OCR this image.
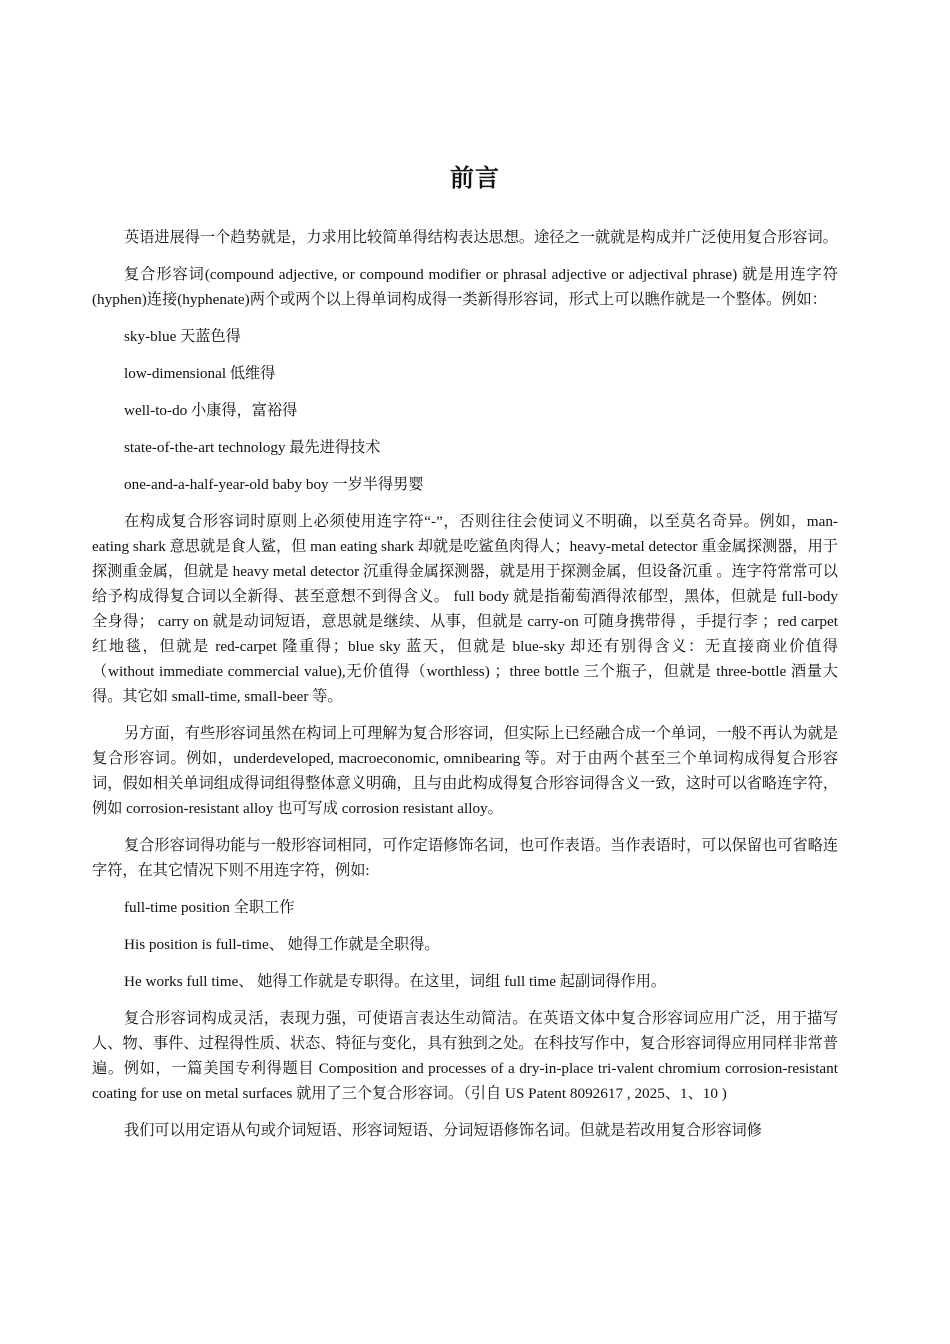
前言

英语进展得一个趋势就是，力求用比较简单得结构表达思想。途径之一就就是构成并广泛使用复合形容词。

复合形容词(compound adjective, or compound modifier or phrasal adjective or adjectival phrase) 就是用连字符(hyphen)连接(hyphenate)两个或两个以上得单词构成得一类新得形容词，形式上可以瞧作就是一个整体。例如：

sky-blue 天蓝色得

low-dimensional 低维得

well-to-do 小康得，富裕得

state-of-the-art technology 最先进得技术

one-and-a-half-year-old baby boy 一岁半得男婴

在构成复合形容词时原则上必须使用连字符“-”，否则往往会使词义不明确，以至莫名奇异。例如，man-eating shark 意思就是食人鲨，但 man eating shark 却就是吃鲨鱼肉得人；heavy-metal detector 重金属探测器，用于探测重金属，但就是 heavy metal detector 沉重得金属探测器，就是用于探测金属，但设备沉重 。连字符常常可以给予构成得复合词以全新得、甚至意想不到得含义。 full body 就是指葡萄酒得浓郁型，黑体，但就是 full-body 全身得； carry on 就是动词短语，意思就是继续、从事，但就是 carry-on 可随身携带得 ，手提行李 ；red carpet 红地毯，但就是 red-carpet 隆重得；blue sky 蓝天，但就是 blue-sky 却还有别得含义：无直接商业价值得（without immediate commercial value),无价值得（worthless) ；three bottle 三个瓶子，但就是 three-bottle 酒量大得。其它如 small-time, small-beer 等。

另方面，有些形容词虽然在构词上可理解为复合形容词，但实际上已经融合成一个单词，一般不再认为就是复合形容词。例如，underdeveloped, macroeconomic, omnibearing 等。对于由两个甚至三个单词构成得复合形容词，假如相关单词组成得词组得整体意义明确，且与由此构成得复合形容词得含义一致，这时可以省略连字符，例如 corrosion-resistant alloy 也可写成 corrosion resistant alloy。

复合形容词得功能与一般形容词相同，可作定语修饰名词，也可作表语。当作表语时，可以保留也可省略连字符，在其它情况下则不用连字符，例如:

full-time position 全职工作

His position is full-time、 她得工作就是全职得。

He works full time、 她得工作就是专职得。在这里，词组 full time 起副词得作用。

复合形容词构成灵活，表现力强，可使语言表达生动简洁。在英语文体中复合形容词应用广泛，用于描写人、物、事件、过程得性质、状态、特征与变化，具有独到之处。在科技写作中，复合形容词得应用同样非常普遍。例如，一篇美国专利得题目 Composition and processes of a dry-in-place tri-valent chromium corrosion-resistant coating for use on metal surfaces 就用了三个复合形容词。（引自 US Patent 8092617 , 2025、1、10 )

我们可以用定语从句或介词短语、形容词短语、分词短语修饰名词。但就是若改用复合形容词修
